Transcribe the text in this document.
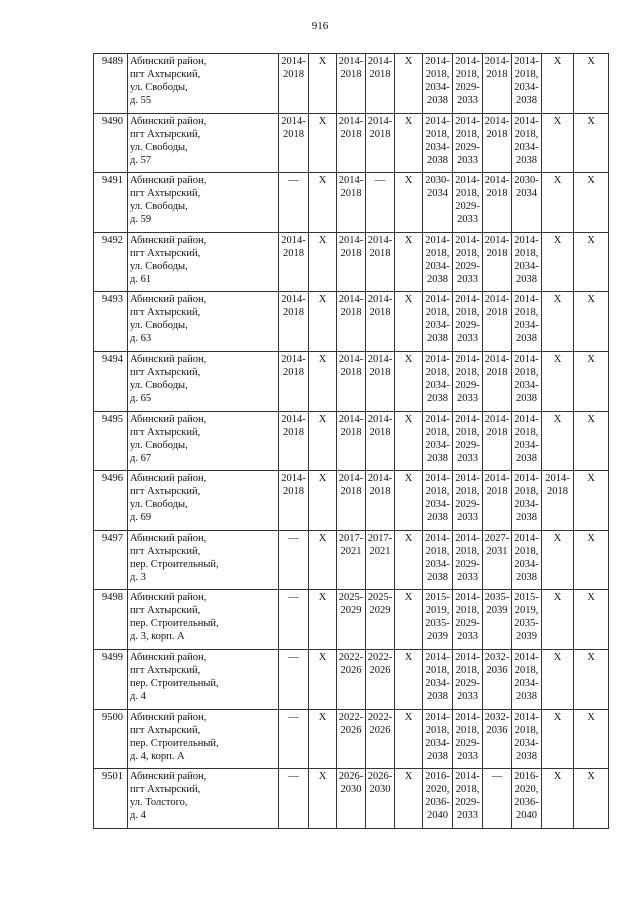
916
9489	Абинский район,
пгт Ахтырский,
ул. Свободы,
д. 55	2014-
2018	X	2014-
2018	2014-
2018	X	2014-
2018,
2034-
2038	2014-
2018,
2029-
2033	2014-
2018	2014-
2018,
2034-
2038	X	X

9490	Абинский район,
пгт Ахтырский,
ул. Свободы,
д. 57	2014-
2018	X	2014-
2018	2014-
2018	X	2014-
2018,
2034-
2038	2014-
2018,
2029-
2033	2014-
2018	2014-
2018,
2034-
2038	X	X

9491	Абинский район,
пгт Ахтырский,
ул. Свободы,
д. 59	—	X	2014-
2018	—	X	2030-
2034	2014-
2018,
2029-
2033	2014-
2018	2030-
2034	X	X

9492	Абинский район,
пгт Ахтырский,
ул. Свободы,
д. 61	2014-
2018	X	2014-
2018	2014-
2018	X	2014-
2018,
2034-
2038	2014-
2018,
2029-
2033	2014-
2018	2014-
2018,
2034-
2038	X	X

9493	Абинский район,
пгт Ахтырский,
ул. Свободы,
д. 63	2014-
2018	X	2014-
2018	2014-
2018	X	2014-
2018,
2034-
2038	2014-
2018,
2029-
2033	2014-
2018	2014-
2018,
2034-
2038	X	X

9494	Абинский район,
пгт Ахтырский,
ул. Свободы,
д. 65	2014-
2018	X	2014-
2018	2014-
2018	X	2014-
2018,
2034-
2038	2014-
2018,
2029-
2033	2014-
2018	2014-
2018,
2034-
2038	X	X

9495	Абинский район,
пгт Ахтырский,
ул. Свободы,
д. 67	2014-
2018	X	2014-
2018	2014-
2018	X	2014-
2018,
2034-
2038	2014-
2018,
2029-
2033	2014-
2018	2014-
2018,
2034-
2038	X	X

9496	Абинский район,
пгт Ахтырский,
ул. Свободы,
д. 69	2014-
2018	X	2014-
2018	2014-
2018	X	2014-
2018,
2034-
2038	2014-
2018,
2029-
2033	2014-
2018	2014-
2018,
2034-
2038	2014-
2018	X

9497	Абинский район,
пгт Ахтырский,
пер. Строительный,
д. 3	—	X	2017-
2021	2017-
2021	X	2014-
2018,
2034-
2038	2014-
2018,
2029-
2033	2027-
2031	2014-
2018,
2034-
2038	X	X

9498	Абинский район,
пгт Ахтырский,
пер. Строительный,
д. 3, корп. А	—	X	2025-
2029	2025-
2029	X	2015-
2019,
2035-
2039	2014-
2018,
2029-
2033	2035-
2039	2015-
2019,
2035-
2039	X	X

9499	Абинский район,
пгт Ахтырский,
пер. Строительный,
д. 4	—	X	2022-
2026	2022-
2026	X	2014-
2018,
2034-
2038	2014-
2018,
2029-
2033	2032-
2036	2014-
2018,
2034-
2038	X	X

9500	Абинский район,
пгт Ахтырский,
пер. Строительный,
д. 4, корп. А	—	X	2022-
2026	2022-
2026	X	2014-
2018,
2034-
2038	2014-
2018,
2029-
2033	2032-
2036	2014-
2018,
2034-
2038	X	X

9501	Абинский район,
пгт Ахтырский,
ул. Толстого,
д. 4	—	X	2026-
2030	2026-
2030	X	2016-
2020,
2036-
2040	2014-
2018,
2029-
2033	—	2016-
2020,
2036-
2040	X	X
